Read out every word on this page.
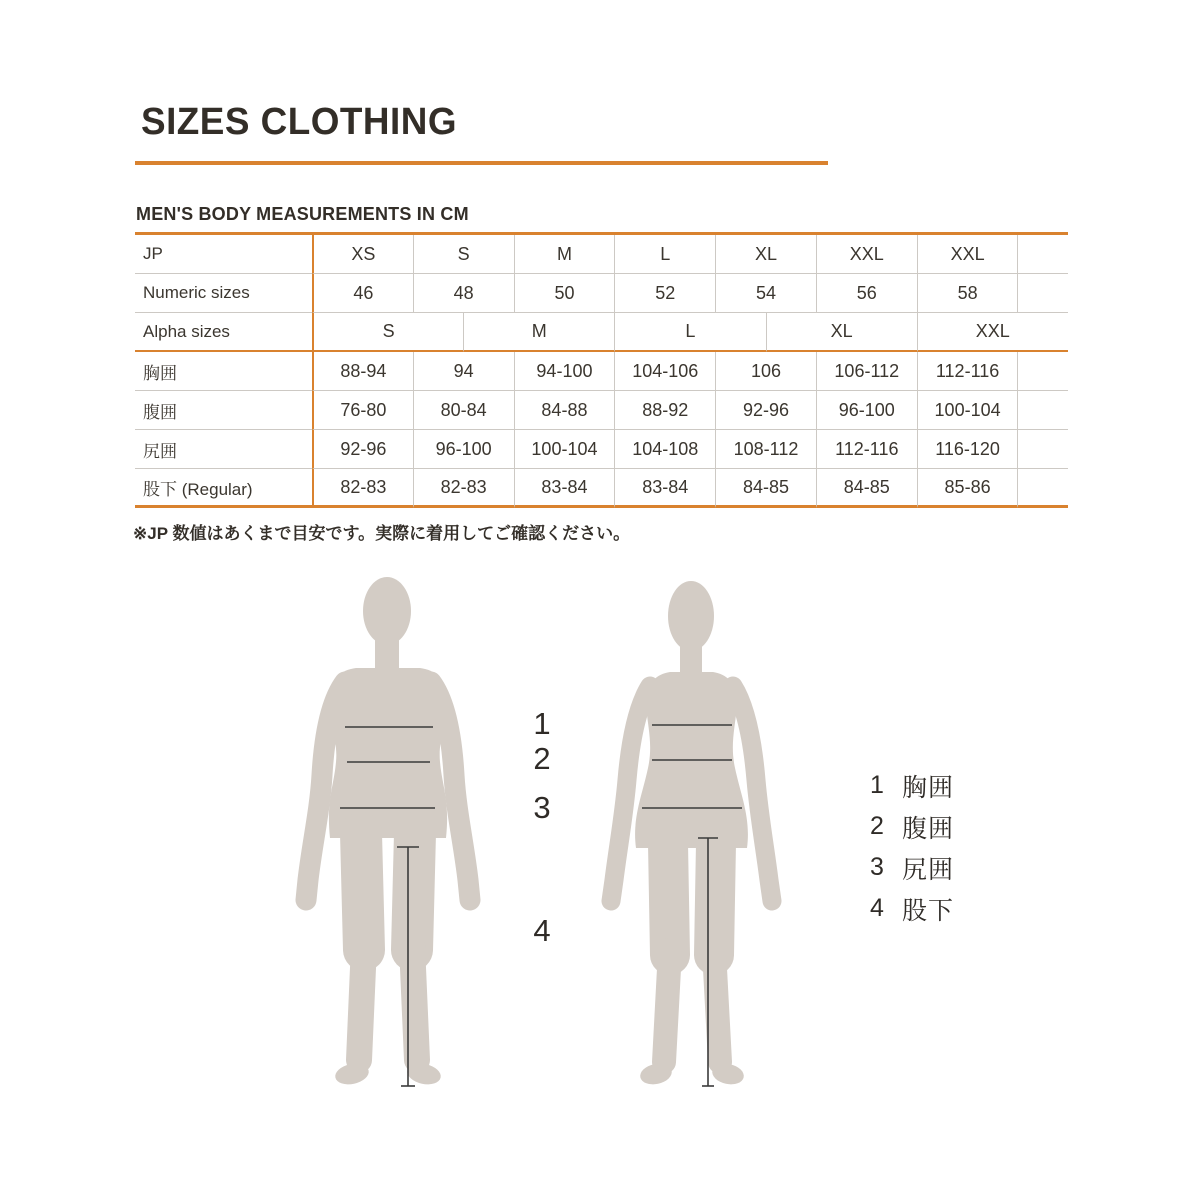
SIZES CLOTHING
MEN'S BODY MEASUREMENTS IN CM
JP	XS	S	M	L	XL	XXL	XXL
Numeric sizes	46	48	50	52	54	56	58
Alpha sizes	S	M	L	XL	XXL
胸囲	88-94	94	94-100	104-106	106	106-112	112-116
腹囲	76-80	80-84	84-88	88-92	92-96	96-100	100-104
尻囲	92-96	96-100	100-104	104-108	108-112	112-116	116-120
股下 (Regular)	82-83	82-83	83-84	83-84	84-85	84-85	85-86
※JP 数値はあくまで目安です。実際に着用してご確認ください。
1
2
3
4
1 胸囲
2 腹囲
3 尻囲
4 股下
